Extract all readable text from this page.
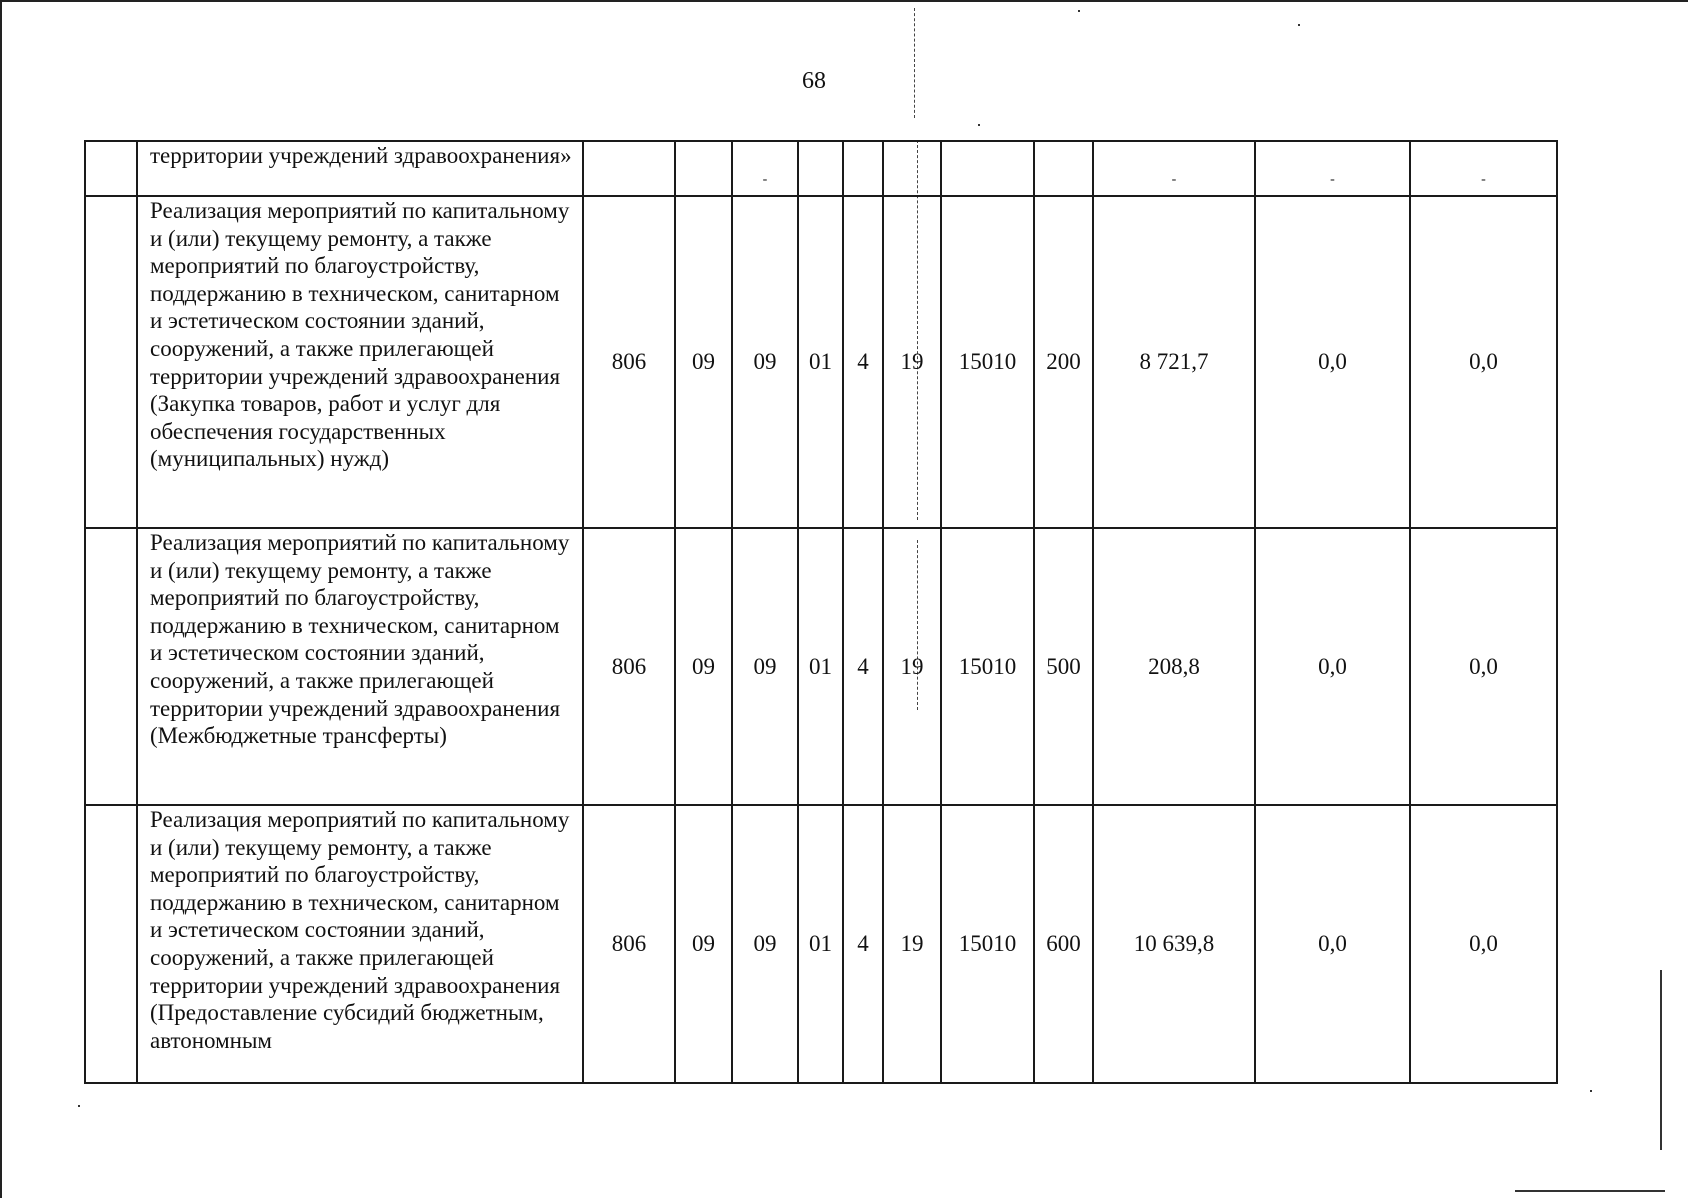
68
	территории учреждений здравоохранения»			-						-	-	-
	Реализация мероприятий по капитальному и (или) текущему ремонту, а также мероприятий по благоустройству, поддержанию в техническом, санитарном и эстетическом состоянии зданий, сооружений, а также прилегающей территории учреждений здравоохранения (Закупка товаров, работ и услуг для обеспечения государственных (муниципальных) нужд)	806	09	09	01	4	19	15010	200	8 721,7	0,0	0,0
	Реализация мероприятий по капитальному и (или) текущему ремонту, а также мероприятий по благоустройству, поддержанию в техническом, санитарном и эстетическом состоянии зданий, сооружений, а также прилегающей территории учреждений здравоохранения (Межбюджетные трансферты)	806	09	09	01	4	19	15010	500	208,8	0,0	0,0
	Реализация мероприятий по капитальному и (или) текущему ремонту, а также мероприятий по благоустройству, поддержанию в техническом, санитарном и эстетическом состоянии зданий, сооружений, а также прилегающей территории учреждений здравоохранения (Предоставление субсидий бюджетным, автономным	806	09	09	01	4	19	15010	600	10 639,8	0,0	0,0
